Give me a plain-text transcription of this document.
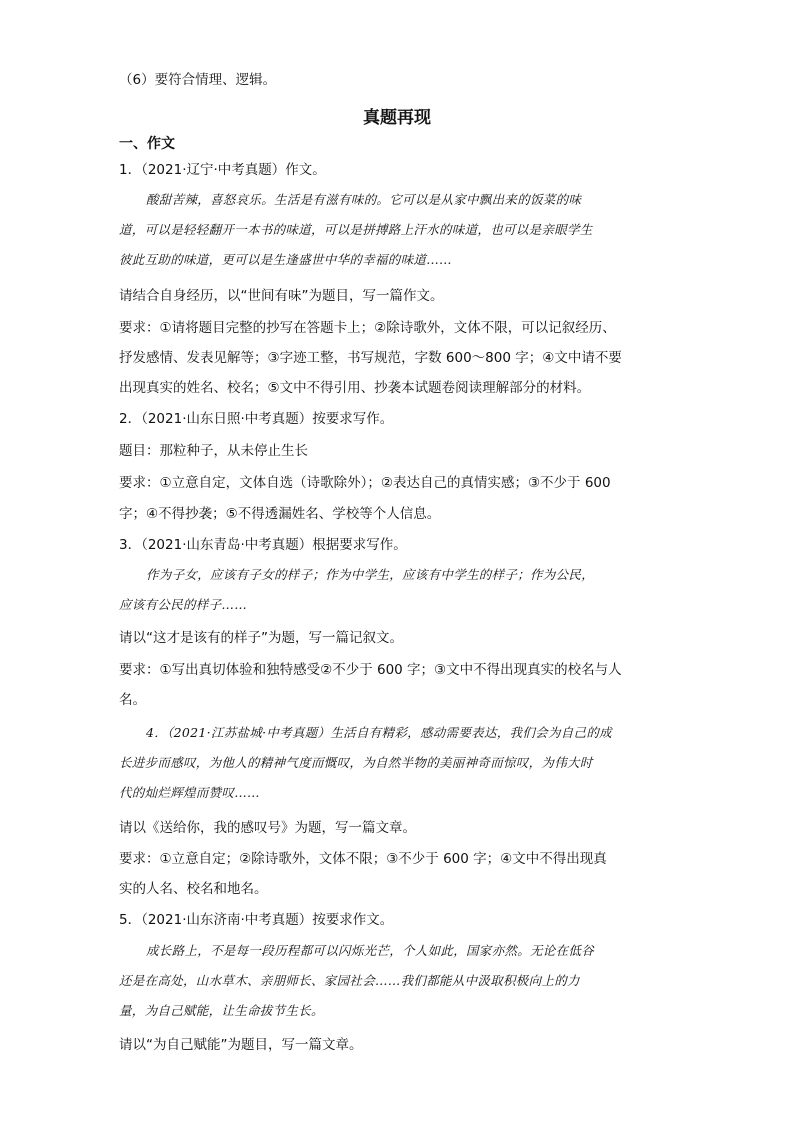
（6）要符合情理、逻辑。
真题再现
一、作文
1．（2021·辽宁·中考真题）作文。
酸甜苦辣，喜怒哀乐。生活是有滋有味的。它可以是从家中飘出来的饭菜的味
道，可以是轻轻翻开一本书的味道，可以是拼搏路上汗水的味道，也可以是亲眼学生
彼此互助的味道，更可以是生逢盛世中华的幸福的味道……
请结合自身经历，以“世间有味”为题目，写一篇作文。
要求：①请将题目完整的抄写在答题卡上；②除诗歌外，文体不限，可以记叙经历、
抒发感情、发表见解等；③字迹工整，书写规范，字数 600～800 字；④文中请不要
出现真实的姓名、校名；⑤文中不得引用、抄袭本试题卷阅读理解部分的材料。
2．（2021·山东日照·中考真题）按要求写作。
题目：那粒种子，从未停止生长
要求：①立意自定，文体自选（诗歌除外）；②表达自己的真情实感；③不少于 600
字；④不得抄袭；⑤不得透漏姓名、学校等个人信息。
3．（2021·山东青岛·中考真题）根据要求写作。
作为子女，应该有子女的样子；作为中学生，应该有中学生的样子；作为公民，
应该有公民的样子……
请以“这才是该有的样子”为题，写一篇记叙文。
要求：①写出真切体验和独特感受②不少于 600 字；③文中不得出现真实的校名与人
名。
4．（2021·江苏盐城·中考真题）生活自有精彩，感动需要表达，我们会为自己的成
长进步而感叹，为他人的精神气度而慨叹，为自然半物的美丽神奇而惊叹，为伟大时
代的灿烂辉煌而赞叹……
请以《送给你，我的感叹号》为题，写一篇文章。
要求：①立意自定；②除诗歌外，文体不限；③不少于 600 字；④文中不得出现真
实的人名、校名和地名。
5．（2021·山东济南·中考真题）按要求作文。
成长路上，不是每一段历程都可以闪烁光芒，个人如此，国家亦然。无论在低谷
还是在高处，山水草木、亲朋师长、家园社会……我们都能从中汲取积极向上的力
量，为自己赋能，让生命拔节生长。
请以“为自己赋能”为题目，写一篇文章。
